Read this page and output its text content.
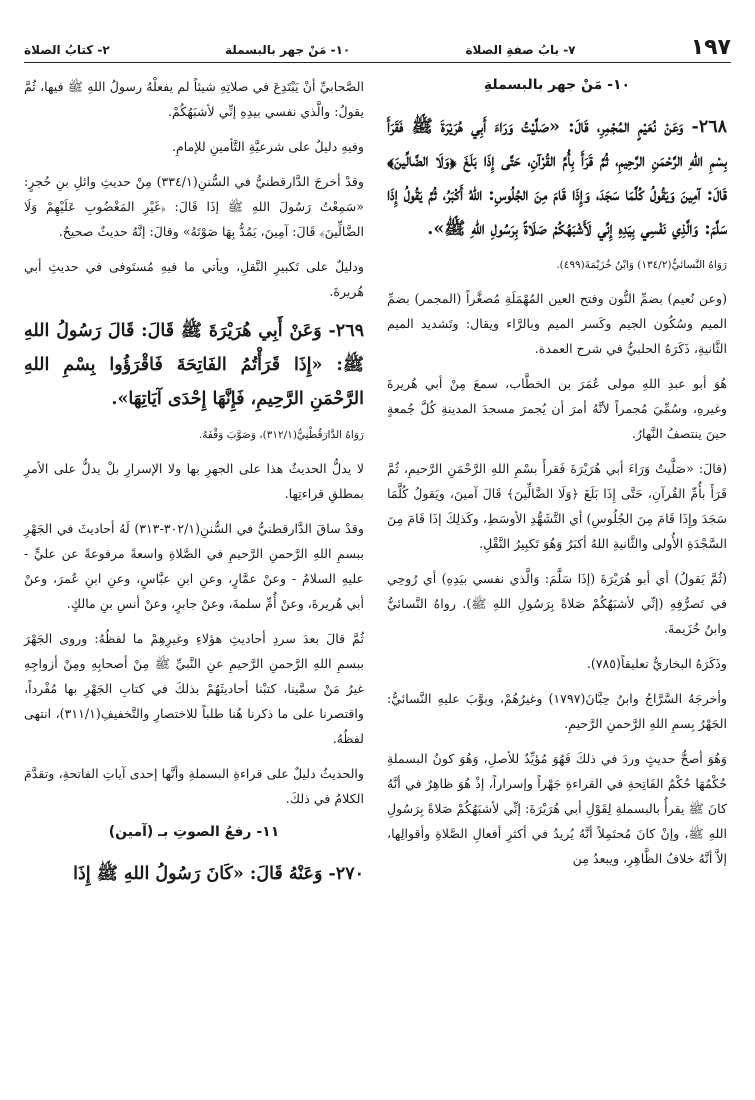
١٩٧
٧- بابُ صفةِ الصلاة
١٠- مَنْ جهر بالبسملة
٢- كتابُ الصلاة
١٠- مَنْ جهر بالبسملةِ

٢٦٨- وَعَنْ نُعَيْمٍ المُجْمِرِ، قَالَ: «صَلَّيْتُ وَرَاءَ أَبِي هُرَيْرَةَ ﷺ فَقَرَأَ بِسْمِ اللهِ الرَّحْمَنِ الرَّحِيمِ، ثُمَّ قَرَأَ بِأُمِّ القُرْآنِ، حَتَّى إِذَا بَلَغَ ﴿وَلَا الضَّالِّينَ﴾ قَالَ: آمِينَ وَيَقُولُ كُلَّمَا سَجَدَ، وَإِذَا قَامَ مِنَ الجُلُوسِ: اللهُ أَكْبَرُ، ثُمَّ يَقُولُ إِذَا سَلَّمَ: وَالَّذِي نَفْسِي بِيَدِهِ إِنِّي لَأَشْبَهُكُمْ صَلَاةً بِرَسُولِ اللهِ ﷺ».

رَوَاهُ النَّسائيُّ(١٣٤/٢) وَابْنُ خُزَيْمَةَ(٤٩٩).

(وعن نُعيم) بضمِّ النُّون وفتح العين المُهْمَلَةِ مُصغَّراً (المجمر) بضمِّ الميم وسُكُون الجيم وكَسر الميم وبالرَّاء ويقال: وتَشديد الميم الثَّانيةِ، ذَكَرَهُ الحلبيُّ في شرح العمدة.

هُوَ أبو عبدِ اللهِ مولى عُمَرَ بن الخطَّاب، سمعَ مِنْ أبي هُريرةَ وغيرهِ، وسُمِّيَ مُجمراً لأنَّهُ أمرَ أن يُجمرَ مسجدَ المدينةِ كُلَّ جُمعةٍ حينَ ينتصفُ النَّهارُ.

(قالَ: «صَلَّيتُ وَرَاءَ أبي هُرَيْرَةَ فَقرأَ بسْمِ اللهِ الرَّحْمَنِ الرَّحيمِ، ثُمَّ قَرَأَ بأُمِّ القُرآنِ، حَتَّى إِذَا بَلَغَ ﴿وَلَا الضَّالِّينَ﴾ قَالَ آمينَ، ويَقولُ كُلَّمَا سَجَدَ وإِذَا قَامَ مِنَ الجُلُوسِ) أي التَّشَهُّدِ الأوسَطِ، وكَذلِكَ إذَا قَامَ مِنَ السَّجْدَةِ الأُولى والثَّانيةِ اللهُ أكبَرُ وَهُوَ تَكبِيرُ النَّقْلِ.

(ثُمَّ يَقولُ) أي أبو هُرَيْرَةَ (إذَا سَلَّمَ: وَالَّذي نفسي بيَدِهِ) أي رُوحِي في تَصرُّفِهِ (إنِّي لأشبَهُكُمْ صَلاةً بِرَسُولِ اللهِ ﷺ). رواهُ النَّسائيُّ وابنُ خُزَيمةَ.

وذَكَرَهُ البخاريُّ تعليقاً(٧٨٥).

وأخرجَهُ السَّرَّاجُ وابنُ حِبَّانَ(١٧٩٧) وغيرُهُمْ، وبوَّبَ عليهِ النَّسائيُّ: الجَهْرُ بِسمِ اللهِ الرَّحمنِ الرَّحيمِ.

وَهُوَ أصحُّ حديثٍ وردَ في ذلكَ فَهُوَ مُؤيِّدٌ للأصلِ، وَهُوَ كونُ البسملةِ حُكْمُهَا حُكْمُ الفَاتِحةِ في القراءةِ جَهْراً وإسراراً، إذْ هُوَ ظاهِرٌ في أنَّهُ كانَ ﷺ يقرأُ بالبسملةِ لِقَوْلِ أبي هُرَيْرَةَ: إنِّي لأشبَهُكُمْ صَلاةً بِرَسُولِ اللهِ ﷺ، وإنْ كانَ مُحتَمِلاً أنَّهُ يُريدُ في أكثرِ أفعالِ الصَّلاةِ وأقوالِها، إلاَّ أنَّهُ خلافُ الظَّاهِرِ، ويبعدُ مِن

الصَّحابيِّ أنْ يَبْتَدِعَ في صلاتِهِ شيئاً لم يفعلْهُ رسولُ اللهِ ﷺ فيها، ثُمَّ يقولُ: والَّذي نفسي بيدِهِ إنِّي لأشبَهُكُمْ.

وفيهِ دليلٌ على شرعيَّةِ التَّأمينِ للإمامِ.

وقدْ أخرجَ الدَّارقطنيُّ في السُّننِ(٣٣٤/١) مِنْ حديثِ وائلِ بنِ حُجرٍ: «سَمِعْتُ رَسُولَ اللهِ ﷺ إذَا قَالَ: ﴿غَيْرِ المَغْضُوبِ عَلَيْهِمْ وَلَا الضَّالِّينَ﴾ قَالَ: آمِينَ، يَمُدُّ بِهَا صَوْتَهُ» وقالَ: إنَّهُ حديثٌ صحيحٌ.

ودليلٌ على تَكبيرِ النَّقلِ، ويأتي ما فيهِ مُستَوفى في حديثِ أبي هُريرةَ.

٢٦٩- وَعَنْ أَبِي هُرَيْرَةَ ﷺ قَالَ: قَالَ رَسُولُ اللهِ ﷺ: «إِذَا قَرَأْتُمُ الفَاتِحَةَ فَاقْرَؤُوا بِسْمِ اللهِ الرَّحْمَنِ الرَّحِيمِ، فَإِنَّهَا إِحْدَى آيَاتِهَا».

رَوَاهُ الدَّارَقُطْنِيُّ(٣١٢/١)، وَصَوَّبَ وَقْفَهُ.

لا يدلُّ الحديثُ هذا على الجهرِ بها ولا الإسرارِ بلْ يدلُّ على الأمرِ بمطلقِ قراءتِها.

وقدْ ساقَ الدَّارقطنيُّ في السُّننِ(٣٠٢/١-٣١٣) لَهُ أحاديثَ في الجَهْرِ ببسمِ اللهِ الرَّحمنِ الرَّحيمِ في الصَّلاةِ واسعةً مرفوعةً عن عليٍّ - عليهِ السلامُ - وعنْ عمَّارٍ، وعنِ ابنِ عبَّاسٍ، وعنِ ابنِ عُمرَ، وعنْ أبي هُريرةَ، وعنْ أُمِّ سلمةَ، وعنْ جابرٍ، وعنْ أنسِ بنِ مالكٍ.

ثُمَّ قالَ بعدَ سردِ أحاديثِ هؤلاءِ وغيرِهِمْ ما لفظُهُ: وروى الجَهْرَ ببسمِ اللهِ الرَّحمنِ الرَّحيمِ عنِ النَّبيِّ ﷺ مِنْ أصحابِهِ ومِنْ أزواجِهِ غيرُ مَنْ سمَّينا، كتبْنا أحاديثَهُمْ بذلكَ في كتابِ الجَهْرِ بها مُفْرداً، واقتصرنا على ما ذكرنا هُنا طلباً للاختصارِ والتَّخفيفِ(٣١١/١)، انتهى لفظُهُ.

والحديثُ دليلٌ على قراءةِ البسملةِ وأنَّها إحدى آياتِ الفاتحةِ، وتقدَّمَ الكلامُ في ذلكَ.

١١- رفعُ الصوتِ بـ (آمين)

٢٧٠- وَعَنْهُ قَالَ: «كَانَ رَسُولُ اللهِ ﷺ إِذَا
